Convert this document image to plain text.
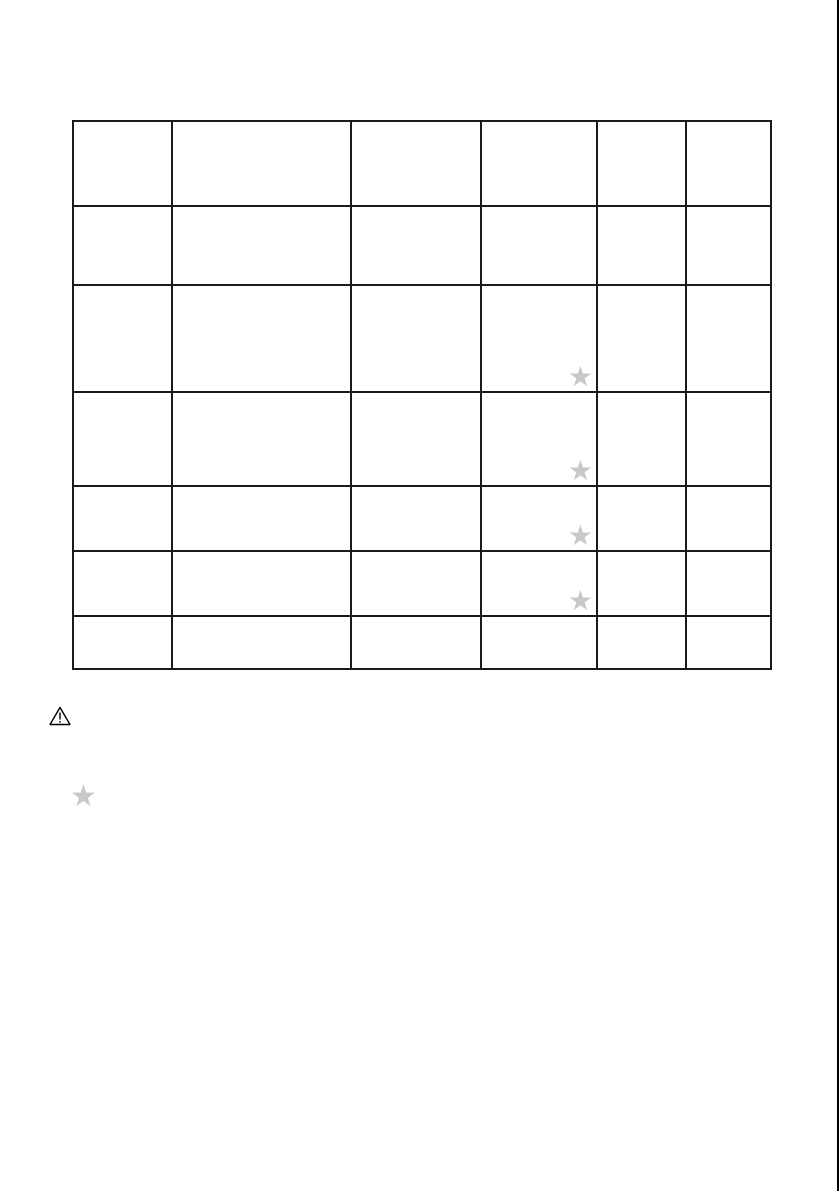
			★		

			★		

			★		

			★		

★
